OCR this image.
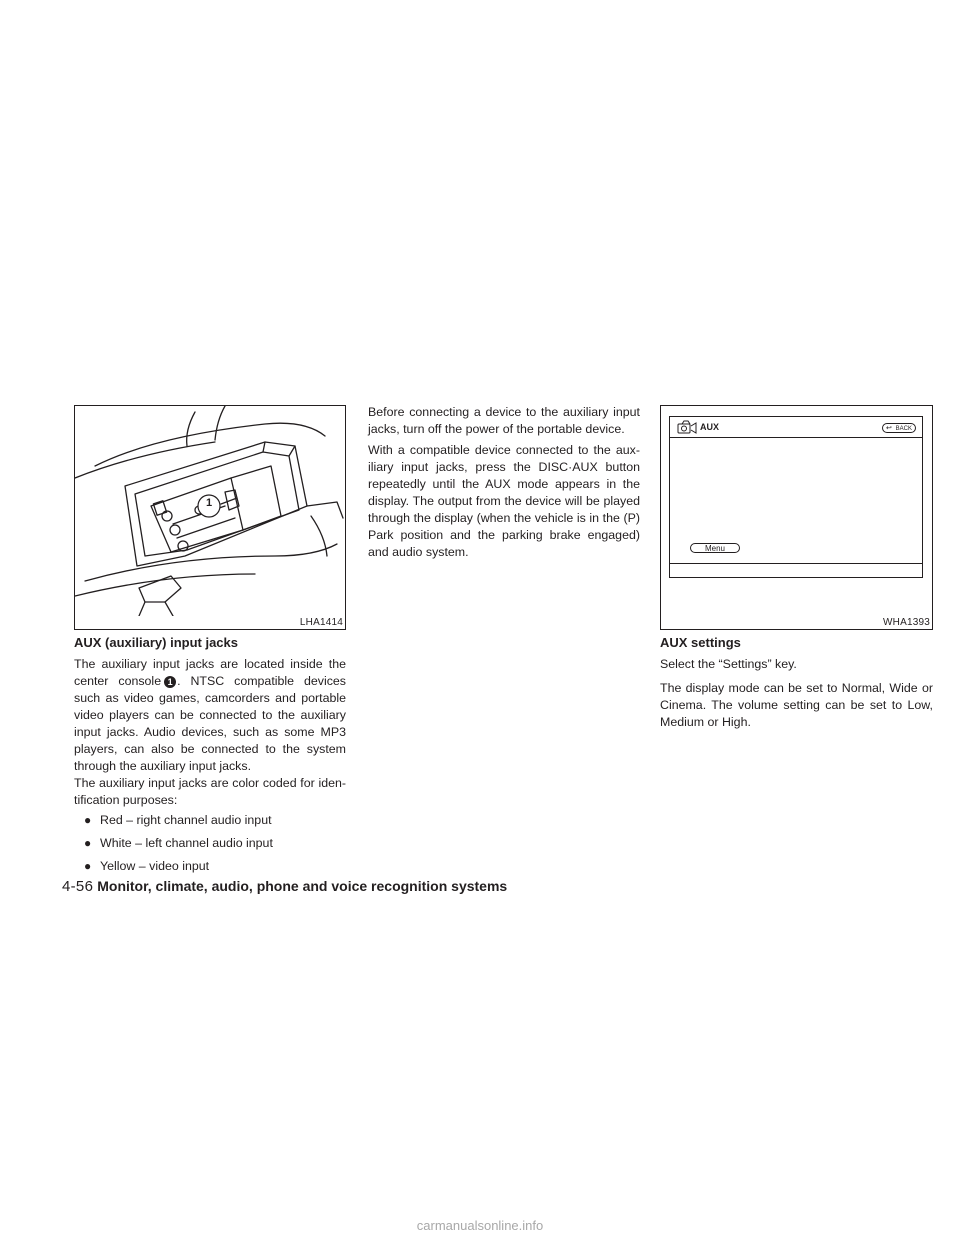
1
LHA1414
AUX	↩ BACK
Menu
WHA1393
AUX (auxiliary) input jacks

The auxiliary input jacks are located inside the center console 1 . NTSC compatible devices such as video games, camcorders and portable video players can be connected to the auxiliary input jacks. Audio devices, such as some MP3 players, can also be connected to the system through the auxiliary input jacks.

The auxiliary input jacks are color coded for iden-tification purposes:

● Red – right channel audio input
● White – left channel audio input
● Yellow – video input

Before connecting a device to the auxiliary input jacks, turn off the power of the portable device.

With a compatible device connected to the aux-iliary input jacks, press the DISC·AUX button repeatedly until the AUX mode appears in the display. The output from the device will be played through the display (when the vehicle is in the (P) Park position and the parking brake engaged) and audio system.

AUX settings

Select the “Settings” key.

The display mode can be set to Normal, Wide or Cinema. The volume setting can be set to Low, Medium or High.

4-56 Monitor, climate, audio, phone and voice recognition systems
carmanualsonline.info
